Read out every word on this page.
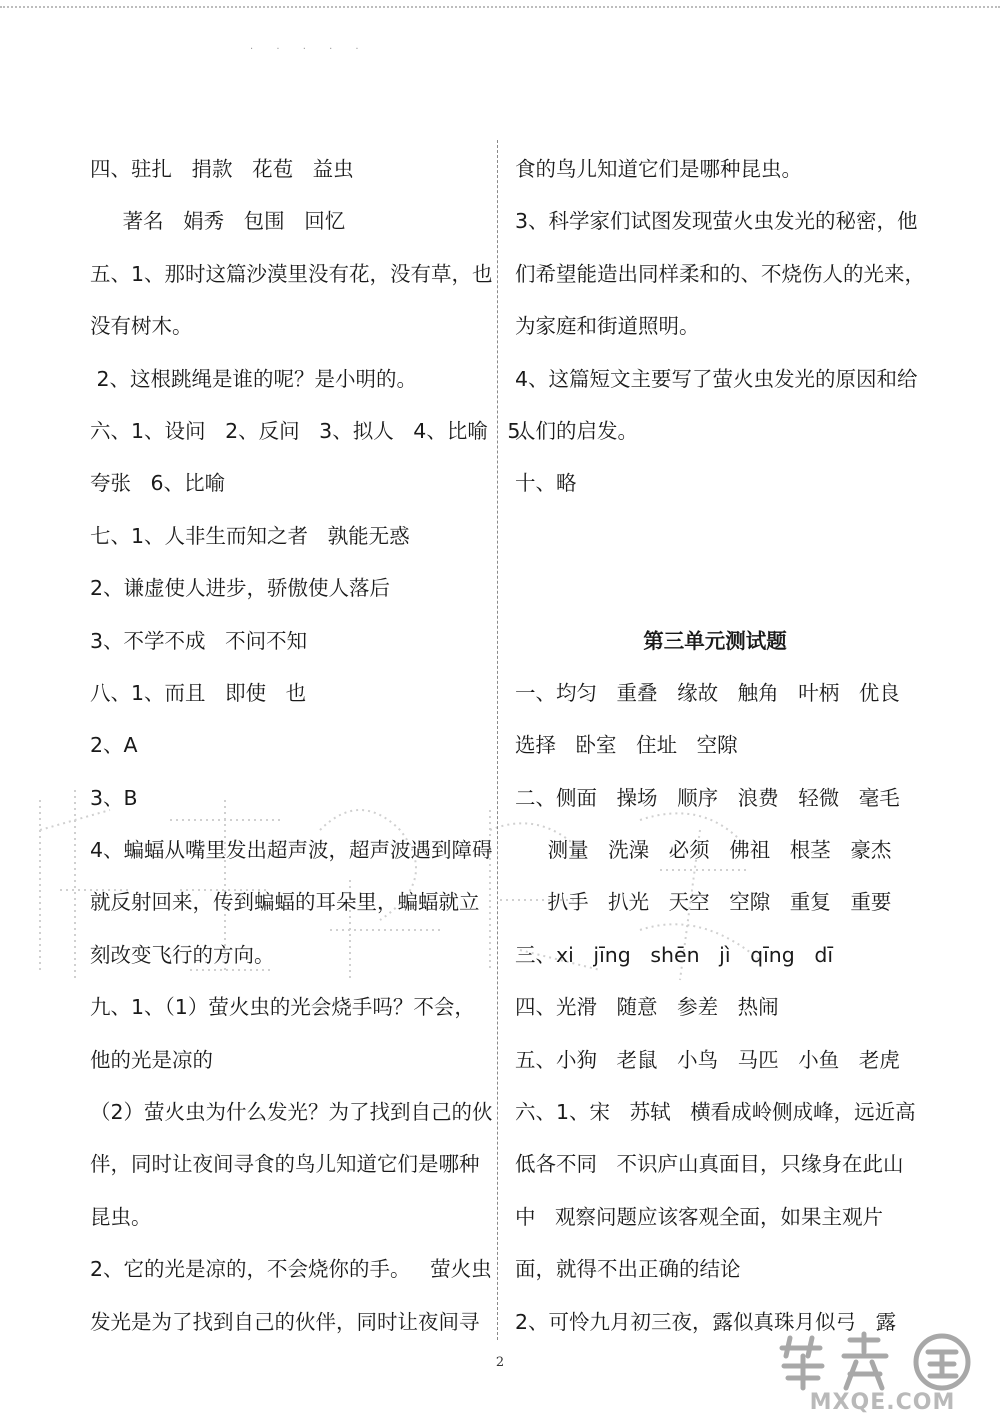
· · · · ·
四、驻扎   捐款   花苞   益虫
著名   娟秀   包围   回忆
五、1、那时这篇沙漠里没有花，没有草，也
没有树木。
2、这根跳绳是谁的呢？是小明的。
六、1、设问   2、反问   3、拟人   4、比喻   5、
夸张   6、比喻
七、1、人非生而知之者   孰能无惑
2、谦虚使人进步，骄傲使人落后
3、不学不成   不问不知
八、1、而且   即使   也
2、A
3、B
4、蝙蝠从嘴里发出超声波，超声波遇到障碍
就反射回来，传到蝙蝠的耳朵里，蝙蝠就立
刻改变飞行的方向。
九、1、（1）萤火虫的光会烧手吗？不会，
他的光是凉的
（2）萤火虫为什么发光？为了找到自己的伙
伴，同时让夜间寻食的鸟儿知道它们是哪种
昆虫。
2、它的光是凉的，不会烧你的手。   萤火虫
发光是为了找到自己的伙伴，同时让夜间寻
食的鸟儿知道它们是哪种昆虫。
3、科学家们试图发现萤火虫发光的秘密，他
们希望能造出同样柔和的、不烧伤人的光来，
为家庭和街道照明。
4、这篇短文主要写了萤火虫发光的原因和给
人们的启发。
十、略
第三单元测试题
一、均匀   重叠   缘故   触角   叶柄   优良
选择   卧室   住址   空隙
二、侧面   操场   顺序   浪费   轻微   毫毛
测量   洗澡   必须   佛祖   根茎   豪杰
扒手   扒光   天空   空隙   重复   重要
三、xi   jīng   shēn   jì   qīng   dī
四、光滑   随意   参差   热闹
五、小狗   老鼠   小鸟   马匹   小鱼   老虎
六、1、宋   苏轼   横看成岭侧成峰，远近高
低各不同   不识庐山真面目，只缘身在此山
中   观察问题应该客观全面，如果主观片
面，就得不出正确的结论
2、可怜九月初三夜，露似真珠月似弓   露
2
MXQE.COM
